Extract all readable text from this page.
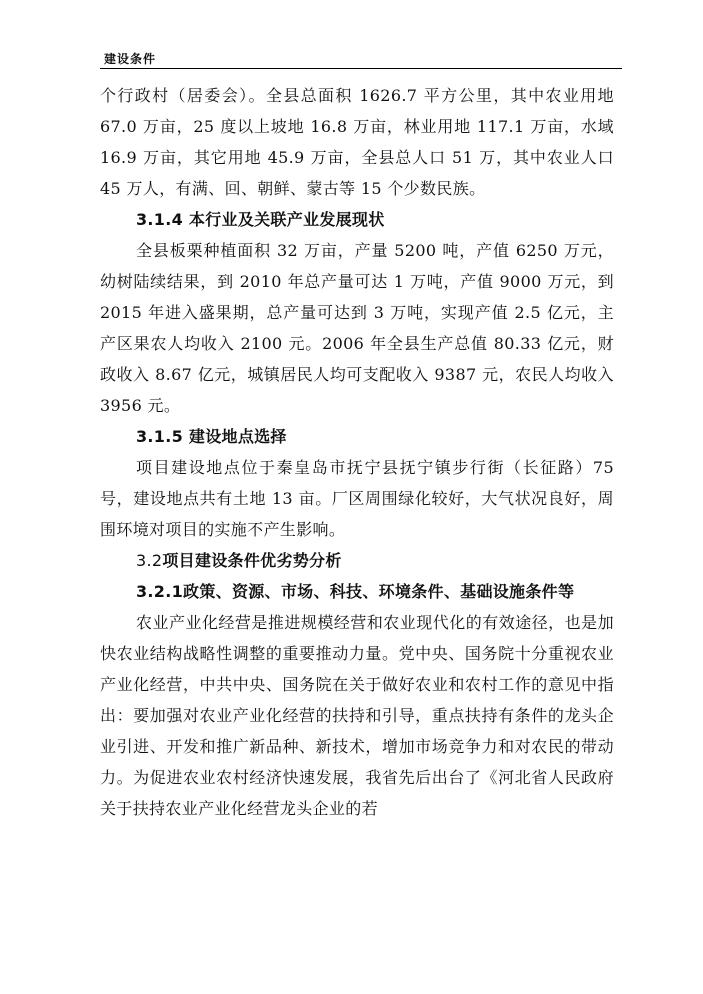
建设条件

个行政村（居委会）。全县总面积 1626.7 平方公里，其中农业用地 67.0 万亩，25 度以上坡地 16.8 万亩，林业用地 117.1 万亩，水域 16.9 万亩，其它用地 45.9 万亩，全县总人口 51 万，其中农业人口 45 万人，有满、回、朝鲜、蒙古等 15 个少数民族。

3.1.4 本行业及关联产业发展现状

全县板栗种植面积 32 万亩，产量 5200 吨，产值 6250 万元，幼树陆续结果，到 2010 年总产量可达 1 万吨，产值 9000 万元，到 2015 年进入盛果期，总产量可达到 3 万吨，实现产值 2.5 亿元，主产区果农人均收入 2100 元。2006 年全县生产总值 80.33 亿元，财政收入 8.67 亿元，城镇居民人均可支配收入 9387 元，农民人均收入 3956 元。

3.1.5 建设地点选择

项目建设地点位于秦皇岛市抚宁县抚宁镇步行街（长征路）75 号，建设地点共有土地 13 亩。厂区周围绿化较好，大气状况良好，周围环境对项目的实施不产生影响。

3.2项目建设条件优劣势分析
3.2.1政策、资源、市场、科技、环境条件、基础设施条件等

农业产业化经营是推进规模经营和农业现代化的有效途径，也是加快农业结构战略性调整的重要推动力量。党中央、国务院十分重视农业产业化经营，中共中央、国务院在关于做好农业和农村工作的意见中指出：要加强对农业产业化经营的扶持和引导，重点扶持有条件的龙头企业引进、开发和推广新品种、新技术，增加市场竞争力和对农民的带动力。为促进农业农村经济快速发展，我省先后出台了《河北省人民政府关于扶持农业产业化经营龙头企业的若
